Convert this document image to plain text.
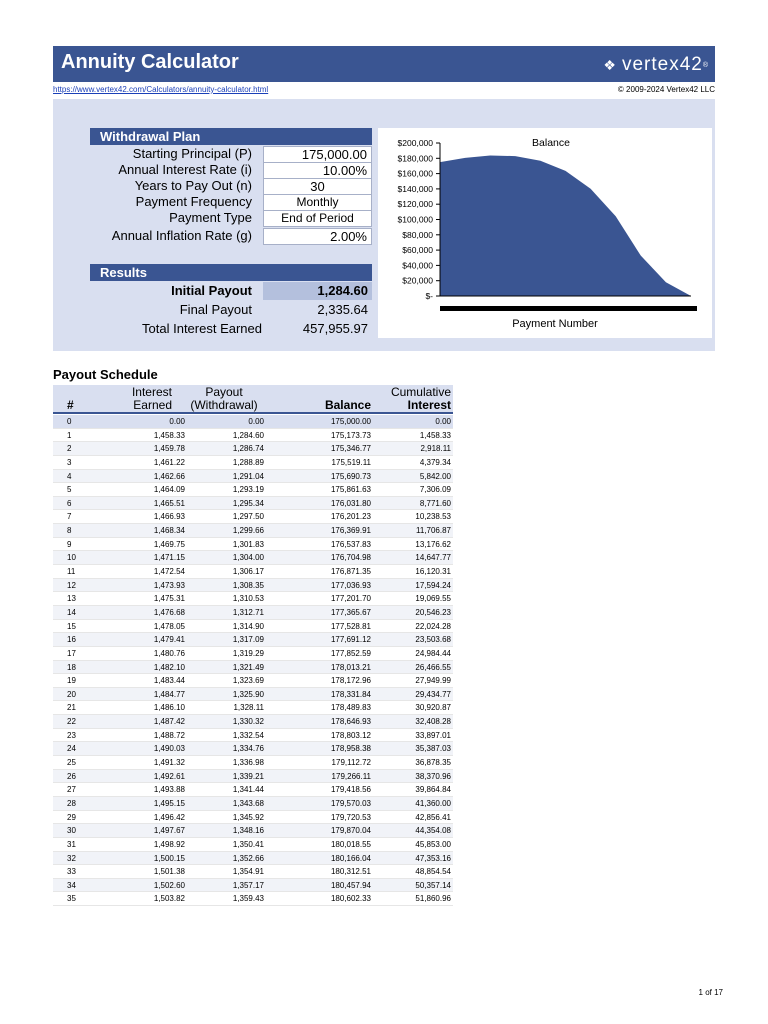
Annuity Calculator	❖ vertex42 ®
https://www.vertex42.com/Calculators/annuity-calculator.html	© 2009-2024 Vertex42 LLC
Withdrawal Plan
Starting Principal (P)	175,000.00
Annual Interest Rate (i)	10.00%
Years to Pay Out (n)	30
Payment Frequency	Monthly
Payment Type	End of Period
Annual Inflation Rate (g)	2.00%
Results
Initial Payout	1,284.60
Final Payout	2,335.64
Total Interest Earned	457,955.97
$200,000
$180,000
$160,000
$140,000
$120,000
$100,000
$80,000
$60,000
$40,000
$20,000
$-
Balance
Payment Number
Payout Schedule
#
Interest
Earned
Payout
(Withdrawal)	Balance
Cumulative
Interest
0	0.00	0.00	175,000.00	0.00
1	1,458.33	1,284.60	175,173.73	1,458.33
2	1,459.78	1,286.74	175,346.77	2,918.11
3	1,461.22	1,288.89	175,519.11	4,379.34
4	1,462.66	1,291.04	175,690.73	5,842.00
5	1,464.09	1,293.19	175,861.63	7,306.09
6	1,465.51	1,295.34	176,031.80	8,771.60
7	1,466.93	1,297.50	176,201.23	10,238.53
8	1,468.34	1,299.66	176,369.91	11,706.87
9	1,469.75	1,301.83	176,537.83	13,176.62
10	1,471.15	1,304.00	176,704.98	14,647.77
11	1,472.54	1,306.17	176,871.35	16,120.31
12	1,473.93	1,308.35	177,036.93	17,594.24
13	1,475.31	1,310.53	177,201.70	19,069.55
14	1,476.68	1,312.71	177,365.67	20,546.23
15	1,478.05	1,314.90	177,528.81	22,024.28
16	1,479.41	1,317.09	177,691.12	23,503.68
17	1,480.76	1,319.29	177,852.59	24,984.44
18	1,482.10	1,321.49	178,013.21	26,466.55
19	1,483.44	1,323.69	178,172.96	27,949.99
20	1,484.77	1,325.90	178,331.84	29,434.77
21	1,486.10	1,328.11	178,489.83	30,920.87
22	1,487.42	1,330.32	178,646.93	32,408.28
23	1,488.72	1,332.54	178,803.12	33,897.01
24	1,490.03	1,334.76	178,958.38	35,387.03
25	1,491.32	1,336.98	179,112.72	36,878.35
26	1,492.61	1,339.21	179,266.11	38,370.96
27	1,493.88	1,341.44	179,418.56	39,864.84
28	1,495.15	1,343.68	179,570.03	41,360.00
29	1,496.42	1,345.92	179,720.53	42,856.41
30	1,497.67	1,348.16	179,870.04	44,354.08
31	1,498.92	1,350.41	180,018.55	45,853.00
32	1,500.15	1,352.66	180,166.04	47,353.16
33	1,501.38	1,354.91	180,312.51	48,854.54
34	1,502.60	1,357.17	180,457.94	50,357.14
35	1,503.82	1,359.43	180,602.33	51,860.96
1 of 17
